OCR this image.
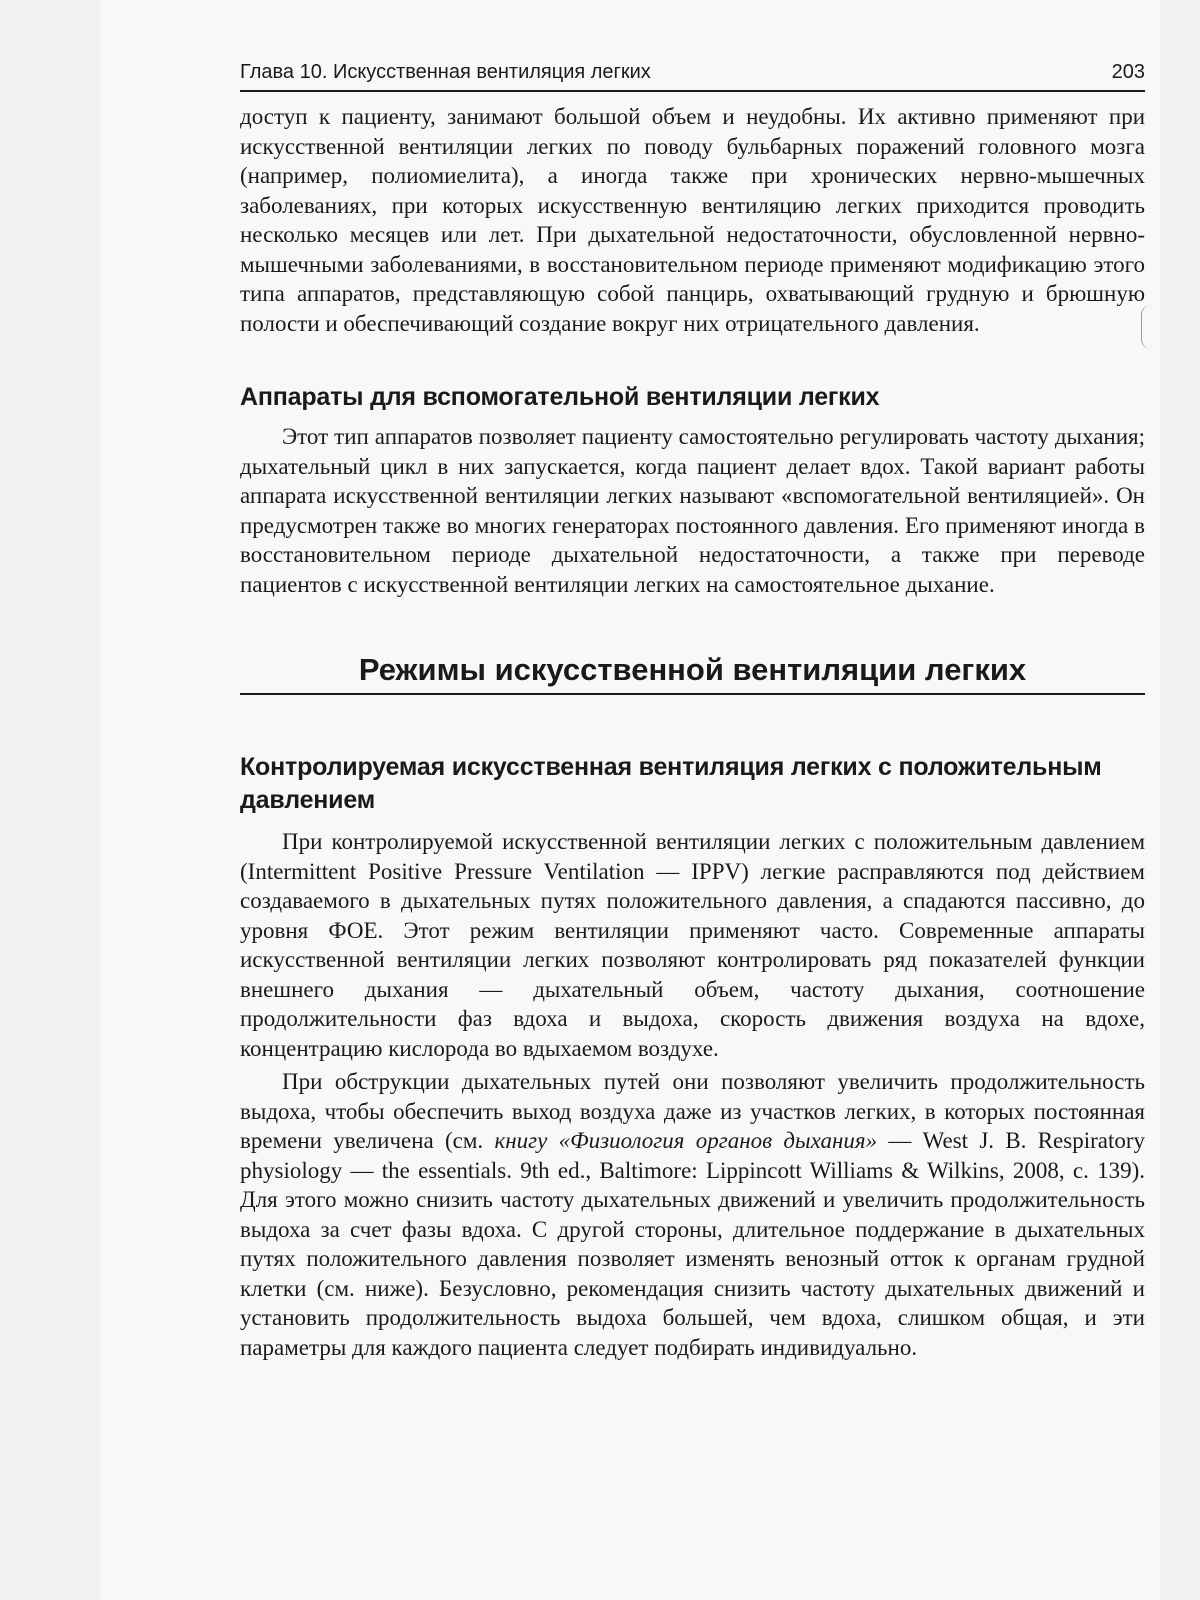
Глава 10. Искусственная вентиляция легких	203

доступ к пациенту, занимают большой объем и неудобны. Их активно применяют при искусственной вентиляции легких по поводу бульбарных поражений головного мозга (например, полиомиелита), а иногда также при хронических нервно-мышечных заболеваниях, при которых искусственную вентиляцию легких приходится проводить несколько месяцев или лет. При дыхательной недостаточности, обусловленной нервно-мышечными заболеваниями, в восстановительном периоде применяют модификацию этого типа аппаратов, представляющую собой панцирь, охватывающий грудную и брюшную полости и обеспечивающий создание вокруг них отрицательного давления.

Аппараты для вспомогательной вентиляции легких

Этот тип аппаратов позволяет пациенту самостоятельно регулировать частоту дыхания; дыхательный цикл в них запускается, когда пациент делает вдох. Такой вариант работы аппарата искусственной вентиляции легких называют «вспомогательной вентиляцией». Он предусмотрен также во многих генераторах постоянного давления. Его применяют иногда в восстановительном периоде дыхательной недостаточности, а также при переводе пациентов с искусственной вентиляции легких на самостоятельное дыхание.

Режимы искусственной вентиляции легких
Контролируемая искусственная вентиляция легких с положительным давлением

При контролируемой искусственной вентиляции легких с положительным давлением (Intermittent Positive Pressure Ventilation — IPPV) легкие расправляются под действием создаваемого в дыхательных путях положительного давления, а спадаются пассивно, до уровня ФОЕ. Этот режим вентиляции применяют часто. Современные аппараты искусственной вентиляции легких позволяют контролировать ряд показателей функции внешнего дыхания — дыхательный объем, частоту дыхания, соотношение продолжительности фаз вдоха и выдоха, скорость движения воздуха на вдохе, концентрацию кислорода во вдыхаемом воздухе.

При обструкции дыхательных путей они позволяют увеличить продолжительность выдоха, чтобы обеспечить выход воздуха даже из участков легких, в которых постоянная времени увеличена (см. книгу «Физиология органов дыхания» — West J. B. Respiratory physiology — the essentials. 9th ed., Baltimore: Lippincott Williams & Wilkins, 2008, с. 139). Для этого можно снизить частоту дыхательных движений и увеличить продолжительность выдоха за счет фазы вдоха. С другой стороны, длительное поддержание в дыхательных путях положительного давления позволяет изменять венозный отток к органам грудной клетки (см. ниже). Безусловно, рекомендация снизить частоту дыхательных движений и установить продолжительность выдоха большей, чем вдоха, слишком общая, и эти параметры для каждого пациента следует подбирать индивидуально.
